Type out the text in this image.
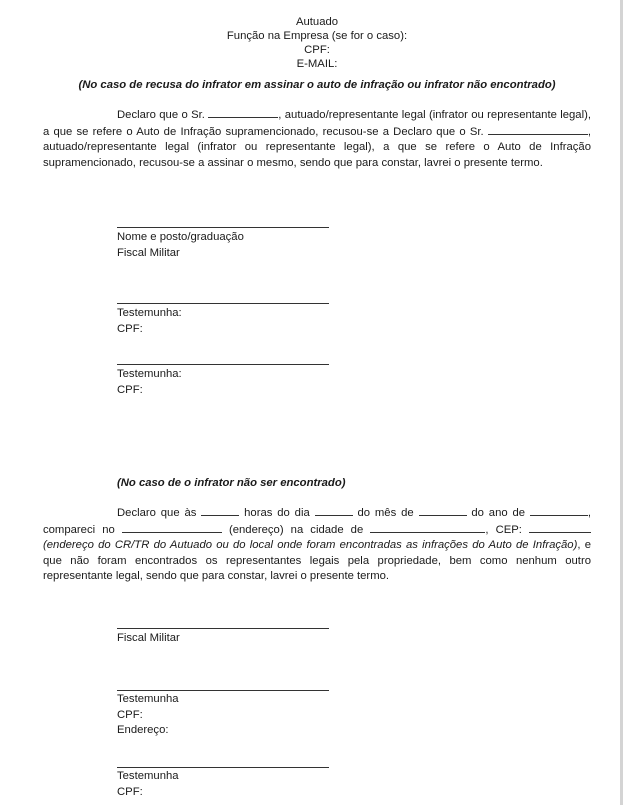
Autuado
Função na Empresa (se for o caso):
CPF:
E-MAIL:
(No caso de recusa do infrator em assinar o auto de infração ou infrator não encontrado)
Declaro que o Sr.	, autuado/representante legal (infrator ou representante legal), a que se refere o Auto de Infração supramencionado, recusou-se a Declaro que o Sr.	, autuado/representante legal (infrator ou representante legal), a que se refere o Auto de Infração supramencionado, recusou-se a assinar o mesmo, sendo que para constar, lavrei o presente termo.
Nome e posto/graduação
Fiscal Militar
Testemunha:
CPF:
Testemunha:
CPF:
(No caso de o infrator não ser encontrado)
Declaro que às	horas do dia	do mês de	do ano de	, compareci no	(endereço) na cidade de	, CEP:  (endereço do CR/TR do Autuado ou do local onde foram encontradas as infrações do Auto de Infração), e que não foram encontrados os representantes legais pela propriedade, bem como nenhum outro representante legal, sendo que para constar, lavrei o presente termo.
Fiscal Militar
Testemunha
CPF:
Endereço:
Testemunha
CPF:
